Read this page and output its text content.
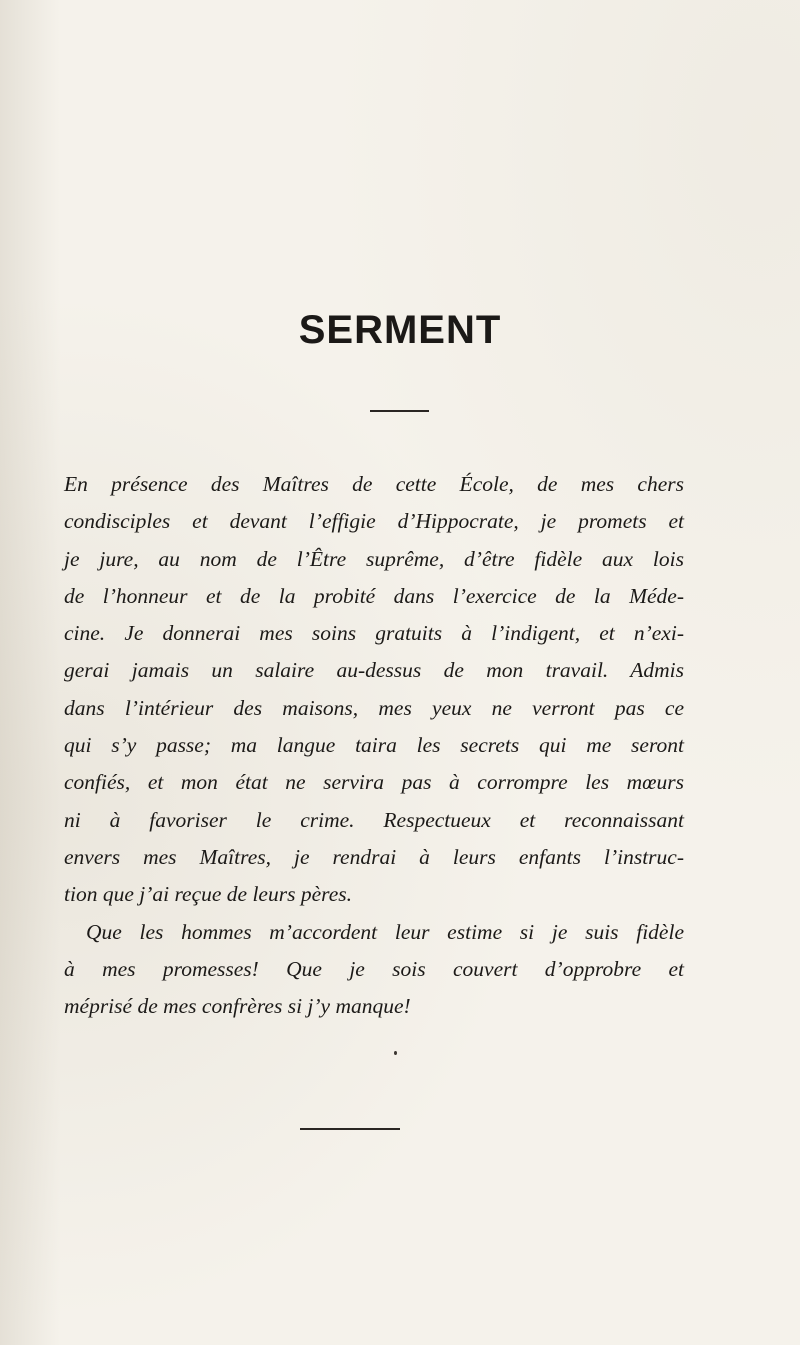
SERMENT
En présence des Maîtres de cette École, de mes chers
condisciples et devant l’effigie d’Hippocrate, je promets et
je jure, au nom de l’Être suprême, d’être fidèle aux lois
de l’honneur et de la probité dans l’exercice de la Méde-
cine. Je donnerai mes soins gratuits à l’indigent, et n’exi-
gerai jamais un salaire au-dessus de mon travail. Admis
dans l’intérieur des maisons, mes yeux ne verront pas ce
qui s’y passe; ma langue taira les secrets qui me seront
confiés, et mon état ne servira pas à corrompre les mœurs
ni à favoriser le crime. Respectueux et reconnaissant
envers mes Maîtres, je rendrai à leurs enfants l’instruc-
tion que j’ai reçue de leurs pères.
Que les hommes m’accordent leur estime si je suis fidèle
à mes promesses! Que je sois couvert d’opprobre et
méprisé de mes confrères si j’y manque!
